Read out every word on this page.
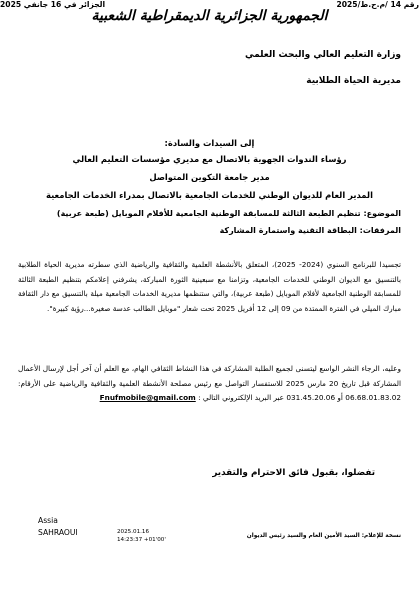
الجمهورية الجزائرية الديمقراطية الشعبية
وزارة التعليم العالي والبحث العلمي
مديرية الحياة الطلابية
رقم 14 /م.ح.ط/2025
الجزائر في 16 جانفي 2025
إلى السيدات والسادة:
رؤساء الندوات الجهوية بالاتصال مع مديري مؤسسات التعليم العالي
مدير جامعة التكوين المتواصل
المدير العام للديوان الوطني للخدمات الجامعية بالاتصال بمدراء الخدمات الجامعية
الموضوع: تنظيم الطبعة الثالثة للمسابقة الوطنية الجامعية للأفلام الموبايل (طبعة عربية)
المرفقات: البطاقة التقنية واستمارة المشاركة
تجسيدا للبرنامج السنوي (2024- 2025)، المتعلق بالأنشطة العلمية والثقافية والرياضية الذي سطرته مديرية الحياة الطلابية بالتنسيق مع الديوان الوطني للخدمات الجامعية، وتزامنا مع سبعينية الثورة المباركة، يشرفني إعلامكم بتنظيم الطبعة الثالثة للمسابقة الوطنية الجامعية لأفلام الموبايل (طبعة عربية)، والتي ستنظمها مديرية الخدمات الجامعية ميلة بالتنسيق مع دار الثقافة مبارك الميلي في الفترة الممتدة من 09 إلى 12 أفريل 2025 تحت شعار "موبايل الطالب عدسة صغيرة...رؤية كبيرة".
وعليه، الرجاء النشر الواسع ليتسنى لجميع الطلبة المشاركة في هذا النشاط الثقافي الهام، مع العلم أن آخر أجل لإرسال الأعمال المشاركة قبل تاريخ 20 مارس 2025 للاستفسار التواصل مع رئيس مصلحة الأنشطة العلمية والثقافية والرياضية على الأرقام: 06.68.01.83.02 أو 031.45.20.06 عبر البريد الإلكتروني التالي : Fnufmobile@gmail.com
تفضلوا، بقبول فائق الاحترام والتقدير
Assia
SAHRAOUI	2025.01.16
14:23:37 +01'00'
نسخة للإعلام: السيد الأمين العام والسيد رئيس الديوان
